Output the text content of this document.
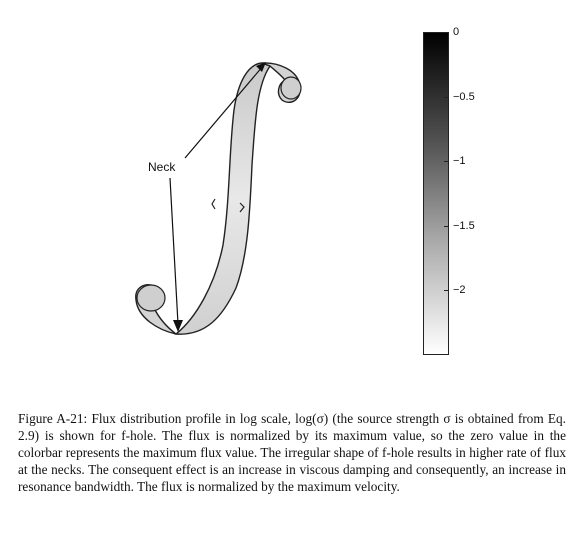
Neck
0
−0.5
−1
−1.5
−2
Figure A-21: Flux distribution profile in log scale, log(σ) (the source strength σ is obtained from Eq. 2.9) is shown for f-hole. The flux is normalized by its maximum value, so the zero value in the colorbar represents the maximum flux value. The irregular shape of f-hole results in higher rate of flux at the necks. The consequent effect is an increase in viscous damping and consequently, an increase in resonance bandwidth. The flux is normalized by the maximum velocity.
